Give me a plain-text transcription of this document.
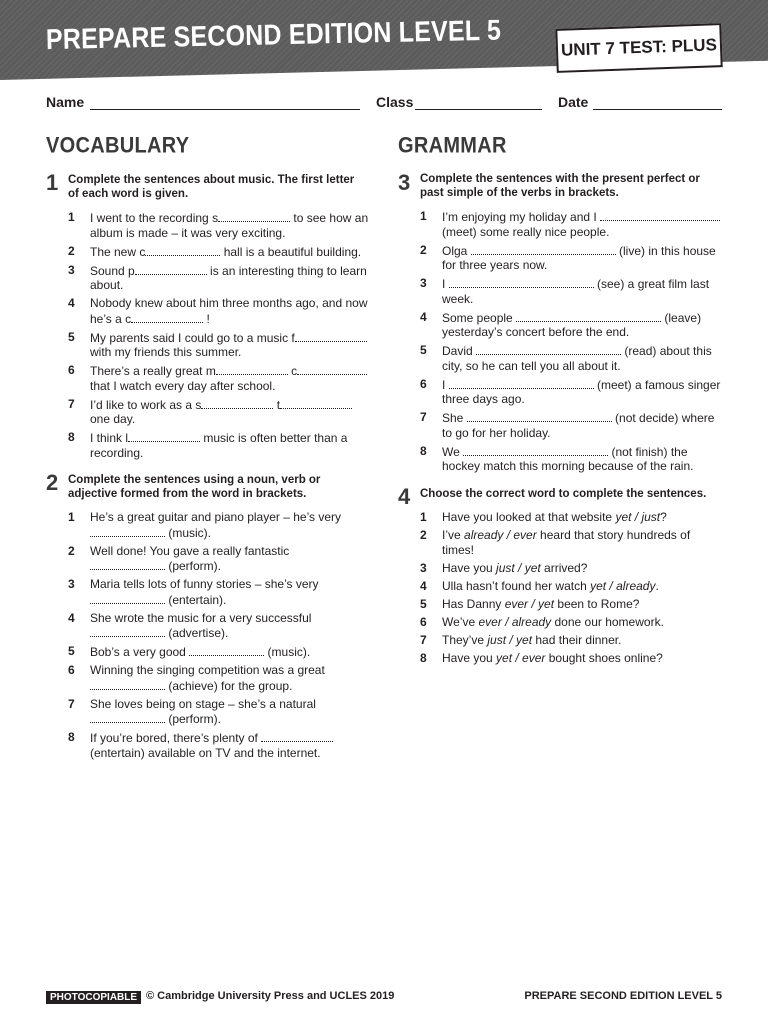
PREPARE SECOND EDITION LEVEL 5	UNIT 7 TEST: PLUS
Name	Class	Date
VOCABULARY
1 Complete the sentences about music. The first letter of each word is given.
1 I went to the recording s	to see how an album is made – it was very exciting.
2 The new c	hall is a beautiful building.
3 Sound p	is an interesting thing to learn about.
4 Nobody knew about him three months ago, and now he’s a c	!
5 My parents said I could go to a music f with my friends this summer.
6 There’s a really great m	c that I watch every day after school.
7 I’d like to work as a s	t one day.
8 I think l	music is often better than a recording.
2 Complete the sentences using a noun, verb or adjective formed from the word in brackets.
1 He’s a great guitar and piano player – he’s very  (music).
2 Well done! You gave a really fantastic  (perform).
3 Maria tells lots of funny stories – she’s very  (entertain).
4 She wrote the music for a very successful  (advertise).
5 Bob’s a very good	(music).
6 Winning the singing competition was a great  (achieve) for the group.
7 She loves being on stage – she’s a natural  (perform).
8 If you’re bored, there’s plenty of  (entertain) available on TV and the internet.
GRAMMAR
3 Complete the sentences with the present perfect or past simple of the verbs in brackets.
1 I’m enjoying my holiday and I  (meet) some really nice people.
2 Olga	(live) in this house for three years now.
3 I	(see) a great film last week.
4 Some people	(leave) yesterday’s concert before the end.
5 David	(read) about this city, so he can tell you all about it.
6 I	(meet) a famous singer three days ago.
7 She	(not decide) where to go for her holiday.
8 We	(not finish) the hockey match this morning because of the rain.
4 Choose the correct word to complete the sentences.
1 Have you looked at that website yet / just?
2 I’ve already / ever heard that story hundreds of times!
3 Have you just / yet arrived?
4 Ulla hasn’t found her watch yet / already.
5 Has Danny ever / yet been to Rome?
6 We’ve ever / already done our homework.
7 They’ve just / yet had their dinner.
8 Have you yet / ever bought shoes online?
PHOTOCOPIABLE © Cambridge University Press and UCLES 2019	PREPARE SECOND EDITION LEVEL 5
